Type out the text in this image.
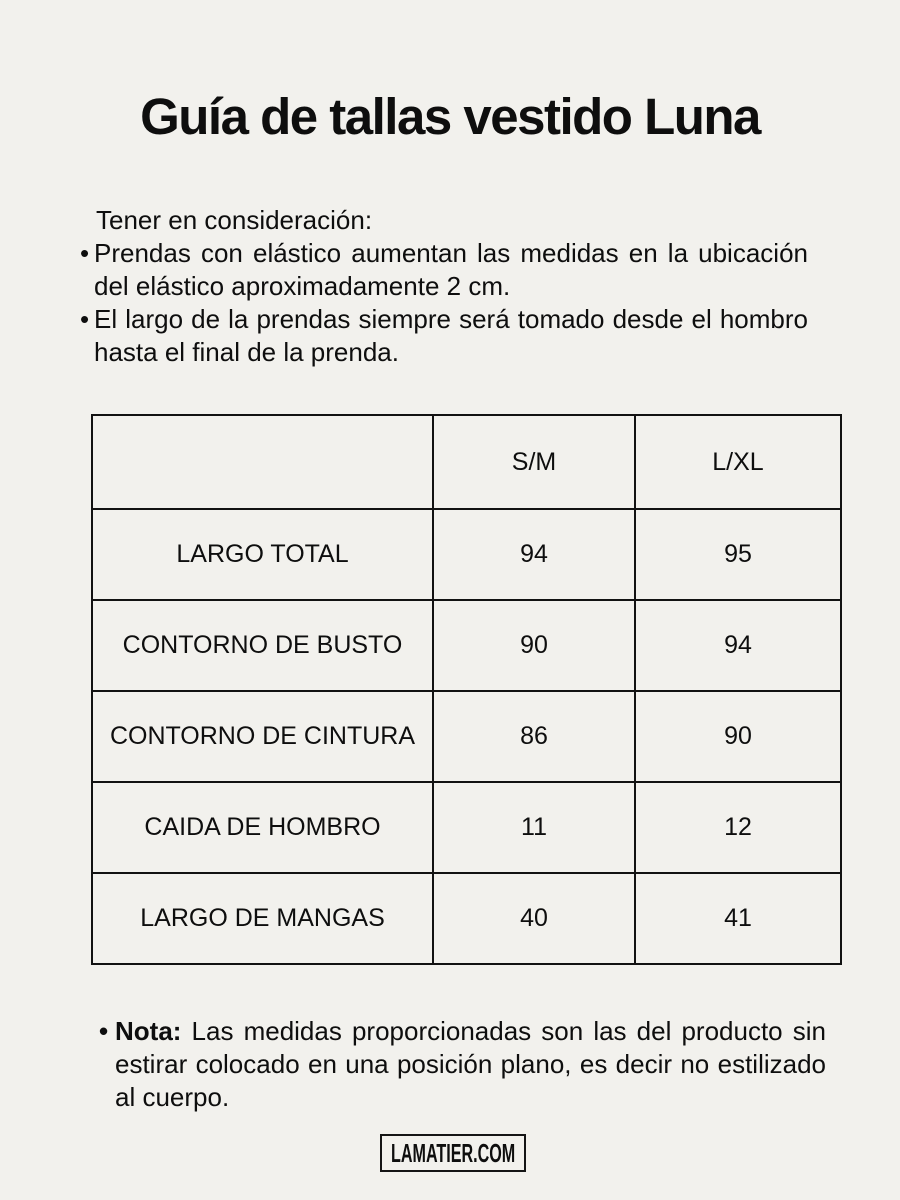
Guía de tallas vestido Luna

Tener en consideración:

• Prendas con elástico aumentan las medidas en la ubicación del elástico aproximadamente 2 cm.
• El largo de la prendas siempre será tomado desde el hombro hasta el final de la prenda.
	S/M	L/XL
LARGO TOTAL	94	95
CONTORNO DE BUSTO	90	94
CONTORNO DE CINTURA	86	90
CAIDA DE HOMBRO	11	12
LARGO DE MANGAS	40	41
• Nota: Las medidas proporcionadas son las del producto sin estirar colocado en una posición plano, es decir no estilizado al cuerpo.
LAMATIER.COM
